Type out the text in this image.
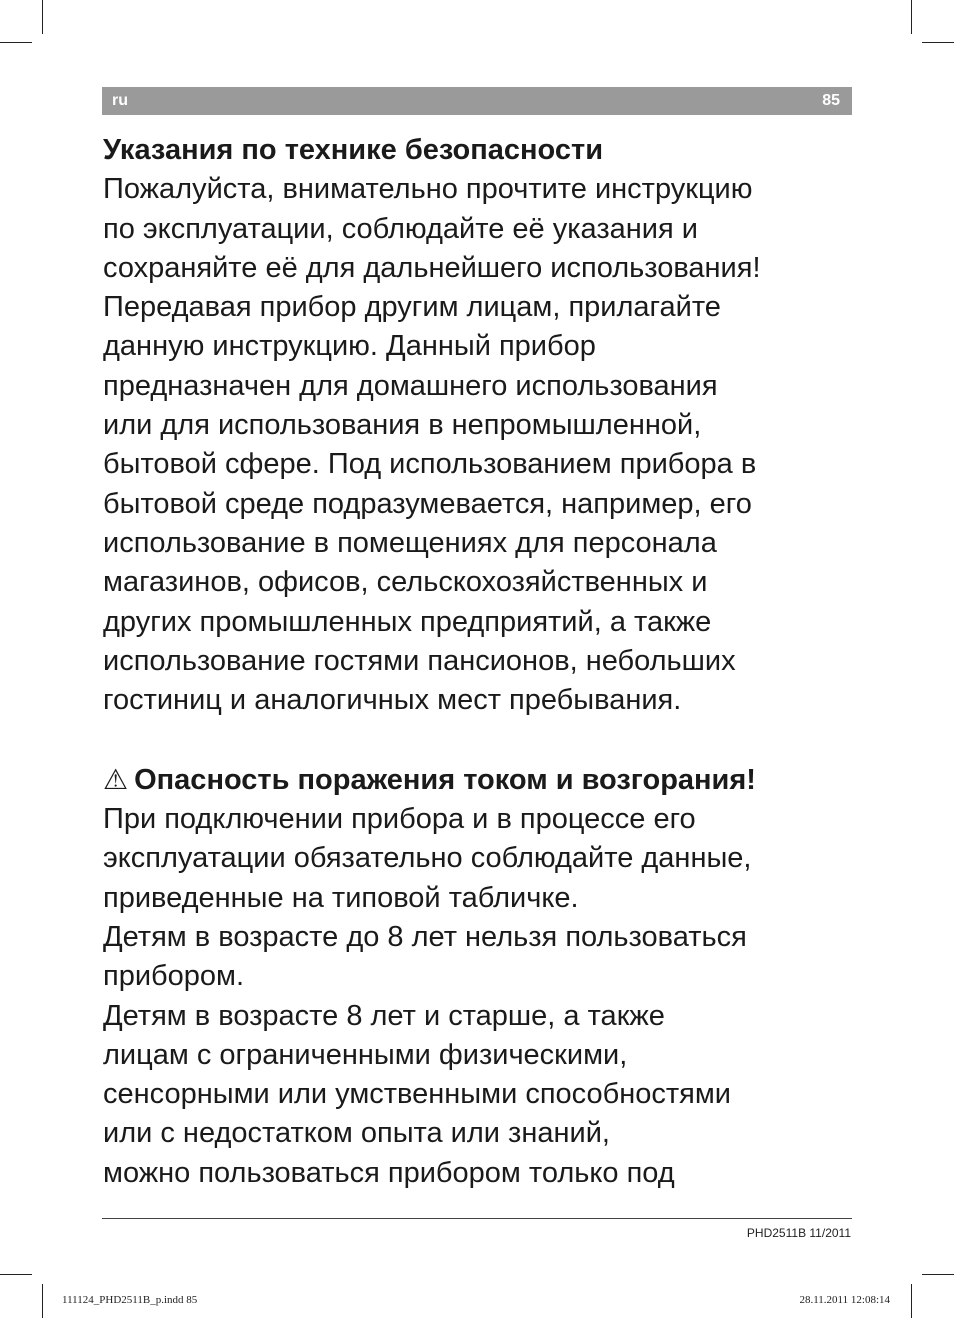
ru	85
Указания по технике безопасности
Пожалуйста, внимательно прочтите инструкцию
по эксплуатации, соблюдайте её указания и
сохраняйте её для дальнейшего использования!
Передавая прибор другим лицам, прилагайте
данную инструкцию. Данный прибор
предназначен для домашнего использования
или для использования в непромышленной,
бытовой сфере. Под использованием прибора в
бытовой среде подразумевается, например, его
использование в помещениях для персонала
магазинов, офисов, сельскохозяйственных и
других промышленных предприятий, а также
использование гостями пансионов, небольших
гостиниц и аналогичных мест пребывания.
⚠ Опасность поражения током и возгорания!
При подключении прибора и в процессе его
эксплуатации обязательно соблюдайте данные,
приведенные на типовой табличке.
Детям в возрасте до 8 лет нельзя пользоваться
прибором.
Детям в возрасте 8 лет и старше, а также
лицам с ограниченными физическими,
сенсорными или умственными способностями
или с недостатком опыта или знаний,
можно пользоваться прибором только под
PHD2511B 11/2011
111124_PHD2511B_p.indd 85	28.11.2011 12:08:14
